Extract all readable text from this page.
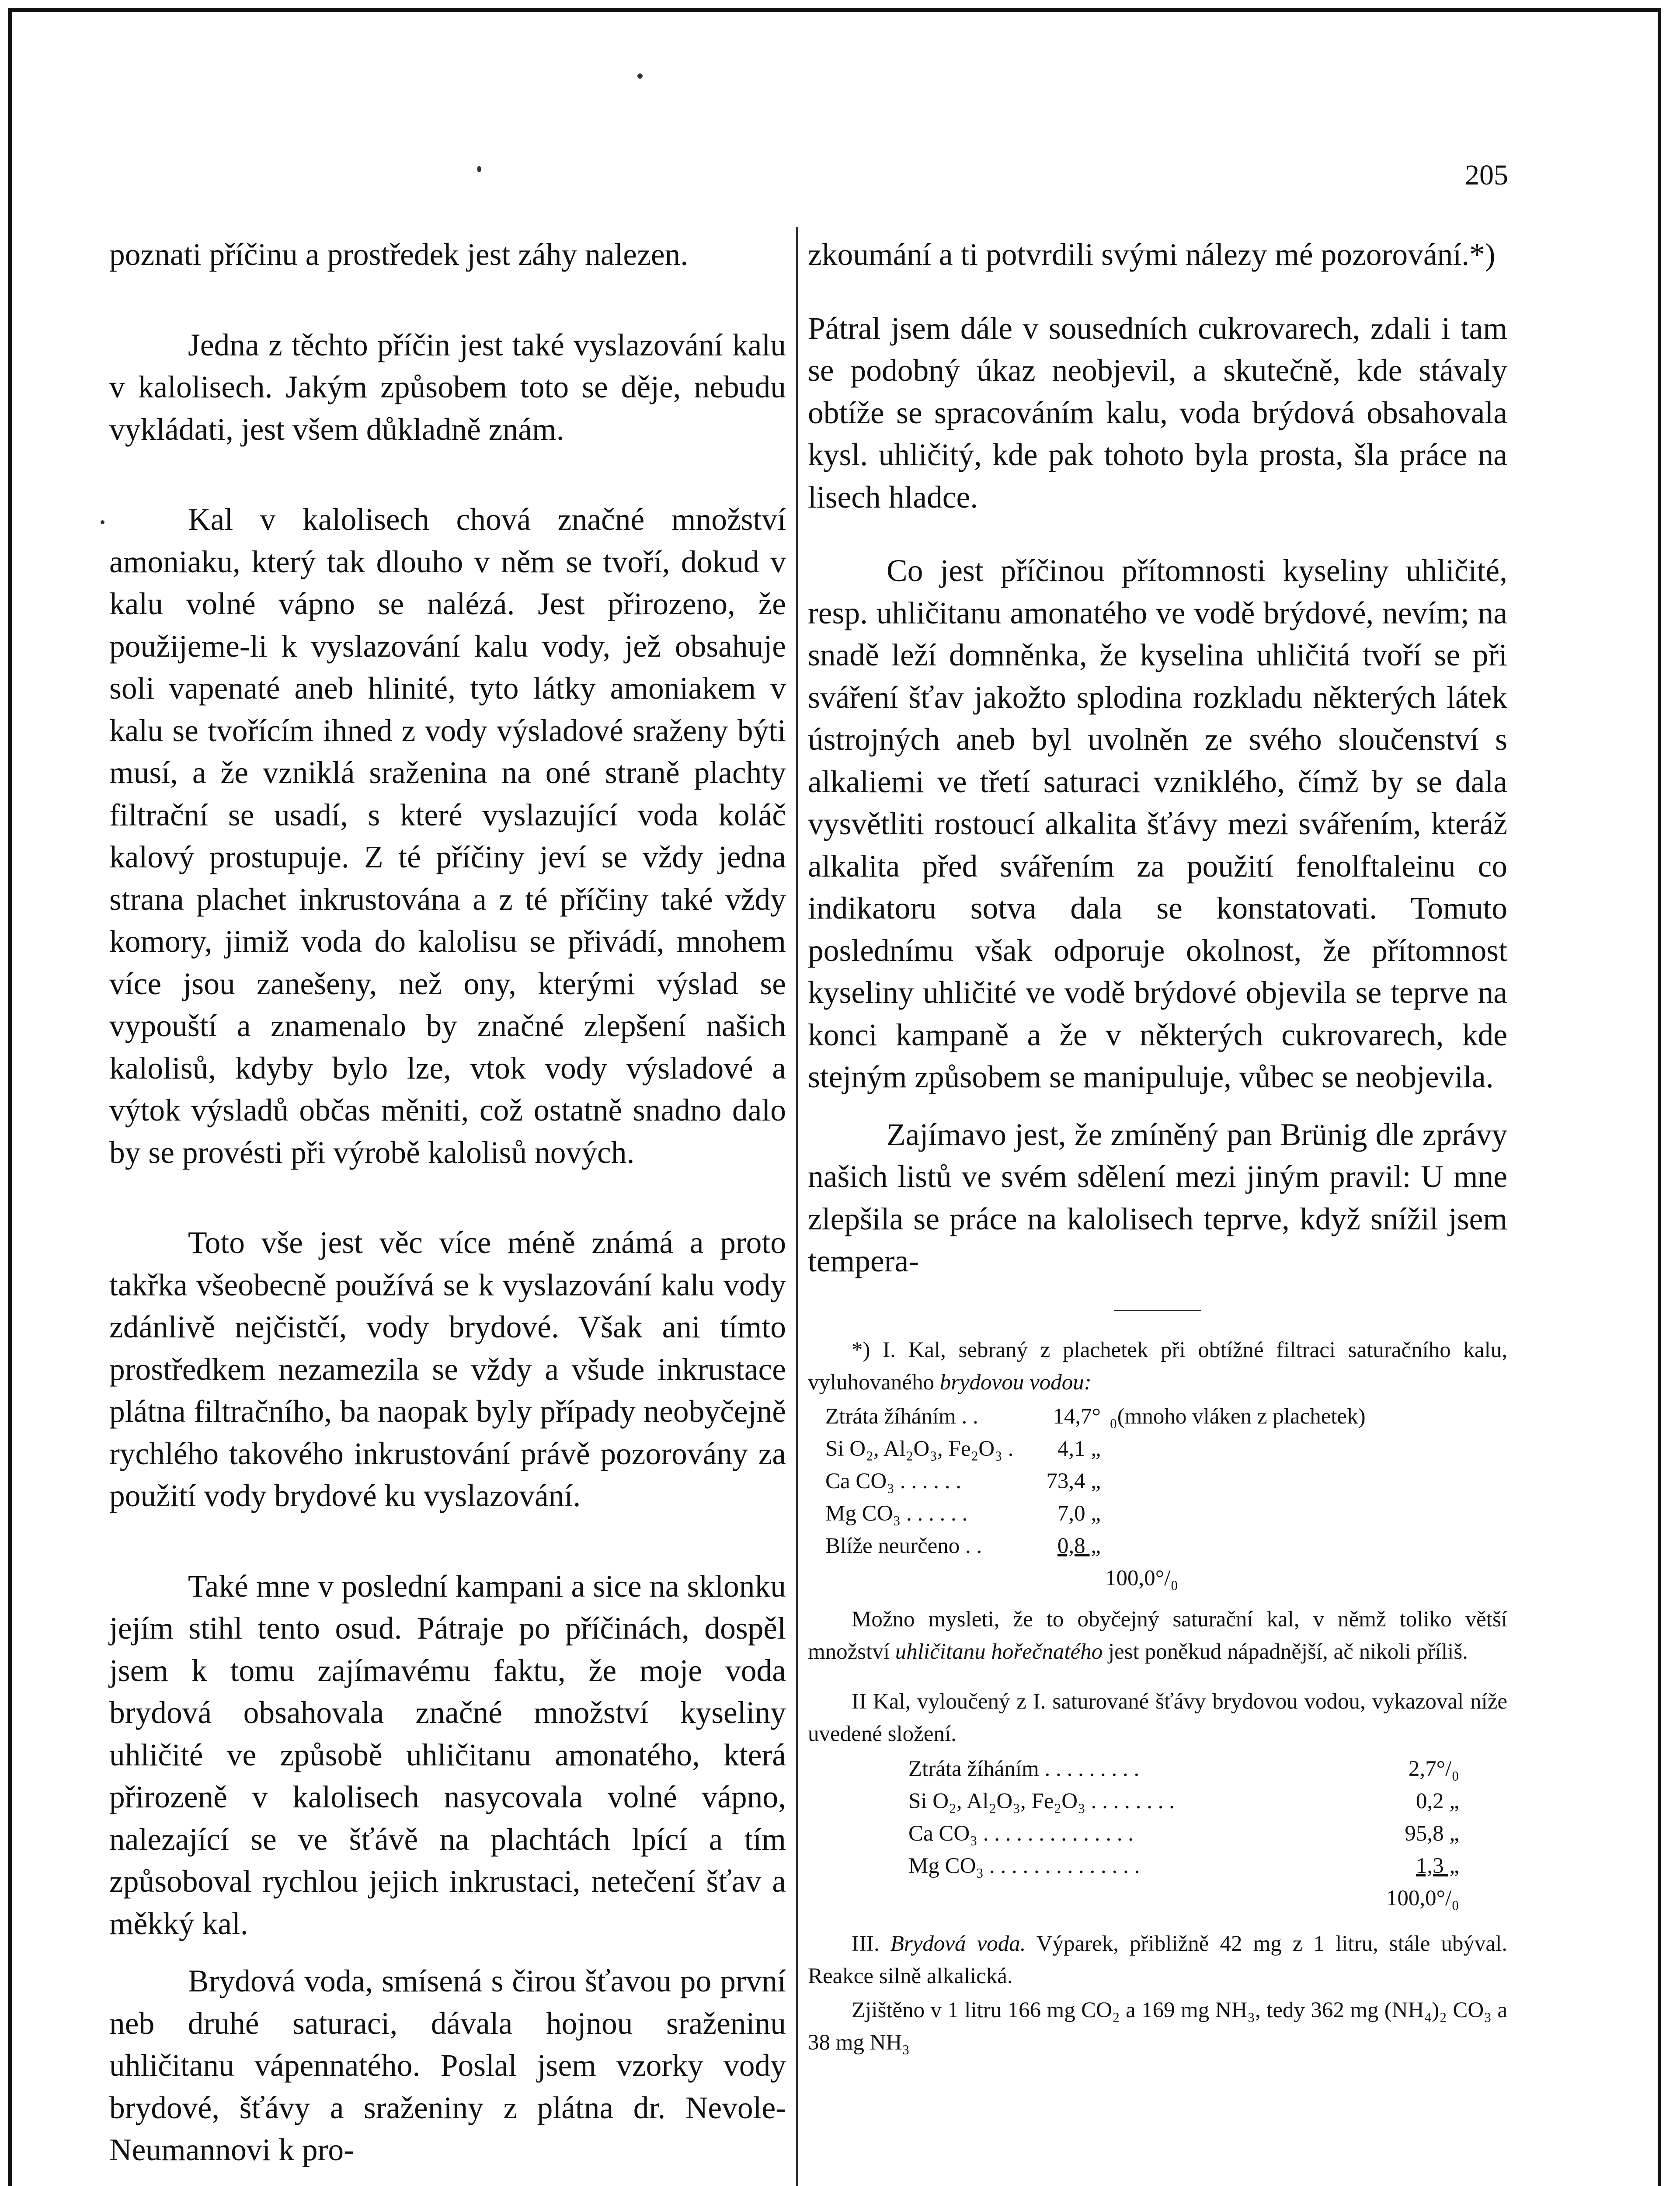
205

poznati příčinu a prostředek jest záhy nalezen.

Jedna z těchto příčin jest také vyslazování kalu v kalolisech. Jakým způsobem toto se děje, nebudu vykládati, jest všem důkladně znám.

Kal v kalolisech chová značné množství amoniaku, který tak dlouho v něm se tvoří, dokud v kalu volné vápno se nalézá. Jest přirozeno, že použijeme-li k vyslazování kalu vody, jež obsahuje soli vapenaté aneb hlinité, tyto látky amoniakem v kalu se tvořícím ihned z vody výsladové sraženy býti musí, a že vzniklá sraženina na oné straně plachty filtrační se usadí, s které vyslazující voda koláč kalový prostupuje. Z té příčiny jeví se vždy jedna strana plachet inkrustována a z té příčiny také vždy komory, jimiž voda do kalolisu se přivádí, mnohem více jsou zanešeny, než ony, kterými výslad se vypouští a znamenalo by značné zlepšení našich kalolisů, kdyby bylo lze, vtok vody výsladové a výtok výsladů občas měniti, což ostatně snadno dalo by se provésti při výrobě kalolisů nových.

Toto vše jest věc více méně známá a proto takřka všeobecně používá se k vyslazování kalu vody zdánlivě nejčistčí, vody brydové. Však ani tímto prostředkem nezamezila se vždy a všude inkrustace plátna filtračního, ba naopak byly případy neobyčejně rychlého takového inkrustování právě pozorovány za použití vody brydové ku vyslazování.

Také mne v poslední kampani a sice na sklonku jejím stihl tento osud. Pátraje po příčinách, dospěl jsem k tomu zajímavému faktu, že moje voda brydová obsahovala značné množství kyseliny uhličité ve způsobě uhličitanu amonatého, která přirozeně v kalolisech nasycovala volné vápno, nalezající se ve šťávě na plachtách lpící a tím způsoboval rychlou jejich inkrustaci, netečení šťav a měkký kal.

Brydová voda, smísená s čirou šťavou po první neb druhé saturaci, dávala hojnou sraženinu uhličitanu vápennatého. Poslal jsem vzorky vody brydové, šťávy a sraženiny z plátna dr. Nevole-Neumannovi k pro-

zkoumání a ti potvrdili svými nálezy mé pozorování.*)

Pátral jsem dále v sousedních cukrovarech, zdali i tam se podobný úkaz neobjevil, a skutečně, kde stávaly obtíže se spracováním kalu, voda brýdová obsahovala kysl. uhličitý, kde pak tohoto byla prosta, šla práce na lisech hladce.

Co jest příčinou přítomnosti kyseliny uhličité, resp. uhličitanu amonatého ve vodě brýdové, nevím; na snadě leží domněnka, že kyselina uhličitá tvoří se při sváření šťav jakožto splodina rozkladu některých látek ústrojných aneb byl uvolněn ze svého sloučenství s alkaliemi ve třetí saturaci vzniklého, čímž by se dala vysvětliti rostoucí alkalita šťávy mezi svářením, kteráž alkalita před svářením za použití fenolftaleinu co indikatoru sotva dala se konstatovati. Tomuto poslednímu však odporuje okolnost, že přítomnost kyseliny uhličité ve vodě brýdové objevila se teprve na konci kampaně a že v některých cukrovarech, kde stejným způsobem se manipuluje, vůbec se neobjevila.

Zajímavo jest, že zmíněný pan Brünig dle zprávy našich listů ve svém sdělení mezi jiným pravil: U mne zlepšila se práce na kalolisech teprve, když snížil jsem tempera-

*) I. Kal, sebraný z plachetek při obtížné filtraci saturačního kalu, vyluhovaného brydovou vodou:

Ztráta žíháním . .	14,7°	₀(mnoho vláken z plachetek)
Si O₂, Al₂O₃, Fe₂O₃ .	4,1 „	
Ca CO₃ . . . . . .	73,4 „	
Mg CO₃ . . . . . .	7,0 „	
Blíže neurčeno . .	0,8 „	
		100,0°/₀

Možno mysleti, že to obyčejný saturační kal, v němž toliko větší množství uhličitanu hořečnatého jest poněkud nápadnější, ač nikoli příliš.

II Kal, vyloučený z I. saturované šťávy brydovou vodou, vykazoval níže uvedené složení.

Ztráta žíháním . . . . . . . . .	2,7°/₀
Si O₂, Al₂O₃, Fe₂O₃ . . . . . . . .	0,2 „
Ca CO₃ . . . . . . . . . . . . . .	95,8 „
Mg CO₃ . . . . . . . . . . . . . .	1,3 „
	100,0°/₀

III. Brydová voda. Výparek, přibližně 42 mg z 1 litru, stále ubýval. Reakce silně alkalická.

Zjištěno v 1 litru 166 mg CO₂ a 169 mg NH₃, tedy 362 mg (NH₄)₂ CO₃ a 38 mg NH₃
